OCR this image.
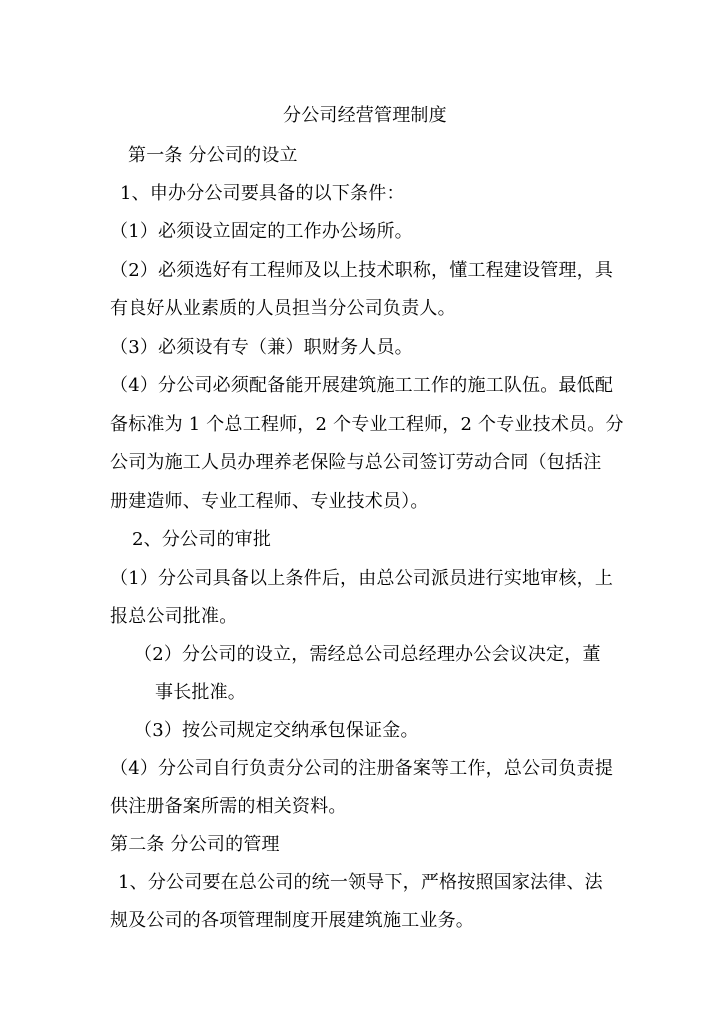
分公司经营管理制度
第一条 分公司的设立
1、申办分公司要具备的以下条件：
（1）必须设立固定的工作办公场所。
（2）必须选好有工程师及以上技术职称，懂工程建设管理，具
有良好从业素质的人员担当分公司负责人。
（3）必须设有专（兼）职财务人员。
（4）分公司必须配备能开展建筑施工工作的施工队伍。最低配
备标准为 1 个总工程师，2 个专业工程师，2 个专业技术员。分
公司为施工人员办理养老保险与总公司签订劳动合同（包括注
册建造师、专业工程师、专业技术员）。
2、分公司的审批
（1）分公司具备以上条件后，由总公司派员进行实地审核，上
报总公司批准。
（2）分公司的设立，需经总公司总经理办公会议决定，董
事长批准。
（3）按公司规定交纳承包保证金。
（4）分公司自行负责分公司的注册备案等工作，总公司负责提
供注册备案所需的相关资料。
第二条 分公司的管理
1、分公司要在总公司的统一领导下，严格按照国家法律、法
规及公司的各项管理制度开展建筑施工业务。
